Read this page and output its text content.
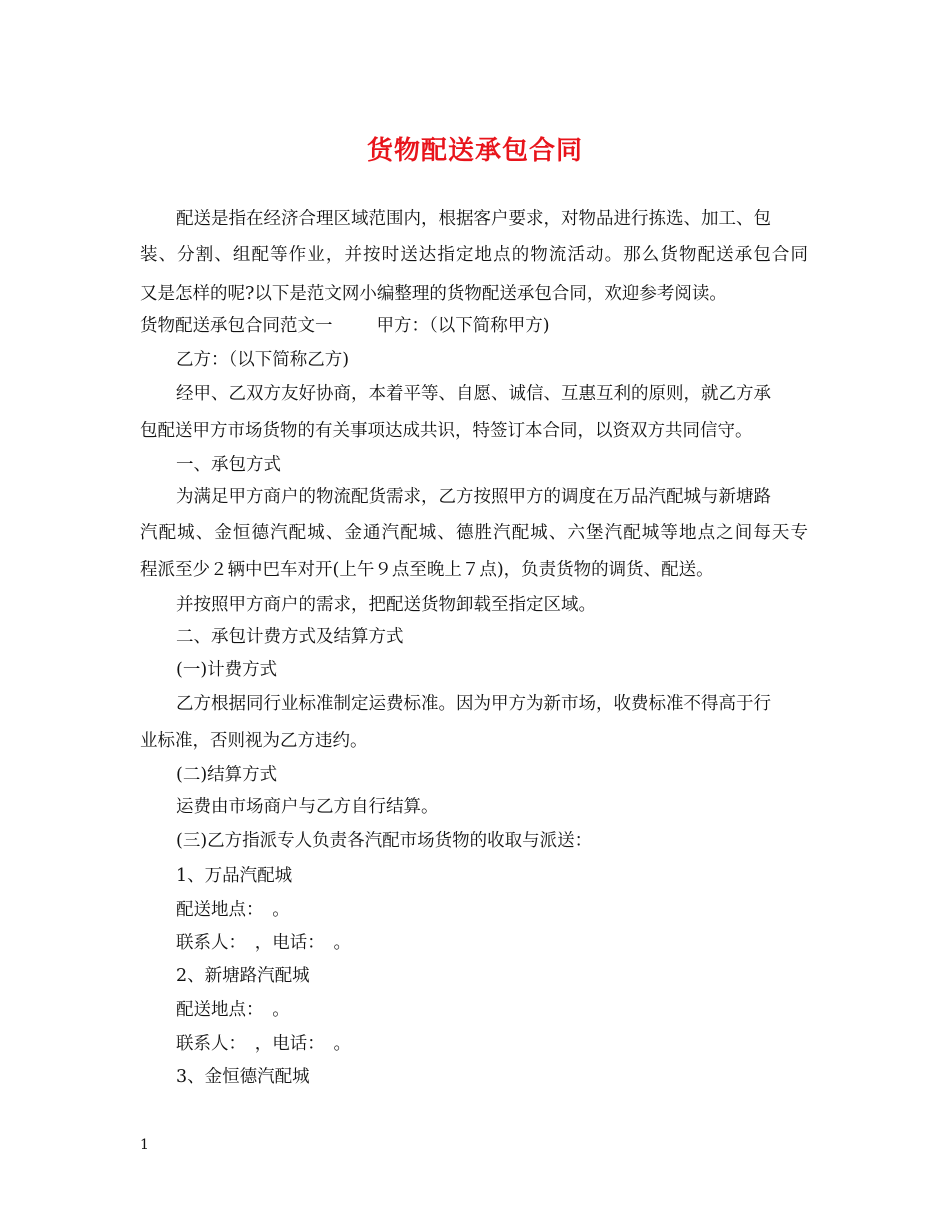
货物配送承包合同
配送是指在经济合理区域范围内，根据客户要求，对物品进行拣选、加工、包
装、分割、组配等作业，并按时送达指定地点的物流活动。那么货物配送承包合同
又是怎样的呢?以下是范文网小编整理的货物配送承包合同，欢迎参考阅读。
货物配送承包合同范文一	甲方：（以下简称甲方)
乙方：（以下简称乙方)
经甲、乙双方友好协商，本着平等、自愿、诚信、互惠互利的原则，就乙方承
包配送甲方市场货物的有关事项达成共识，特签订本合同，以资双方共同信守。
一、承包方式
为满足甲方商户的物流配货需求，乙方按照甲方的调度在万品汽配城与新塘路
汽配城、金恒德汽配城、金通汽配城、德胜汽配城、六堡汽配城等地点之间每天专
程派至少２辆中巴车对开(上午９点至晚上７点)，负责货物的调货、配送。
并按照甲方商户的需求，把配送货物卸载至指定区域。
二、承包计费方式及结算方式
(一)计费方式
乙方根据同行业标准制定运费标准。因为甲方为新市场，收费标准不得高于行
业标准，否则视为乙方违约。
(二)结算方式
运费由市场商户与乙方自行结算。
(三)乙方指派专人负责各汽配市场货物的收取与派送：
1、万品汽配城
配送地点：　。
联系人：　，电话：　。
2、新塘路汽配城
配送地点：　。
联系人：　，电话：　。
3、金恒德汽配城
1
